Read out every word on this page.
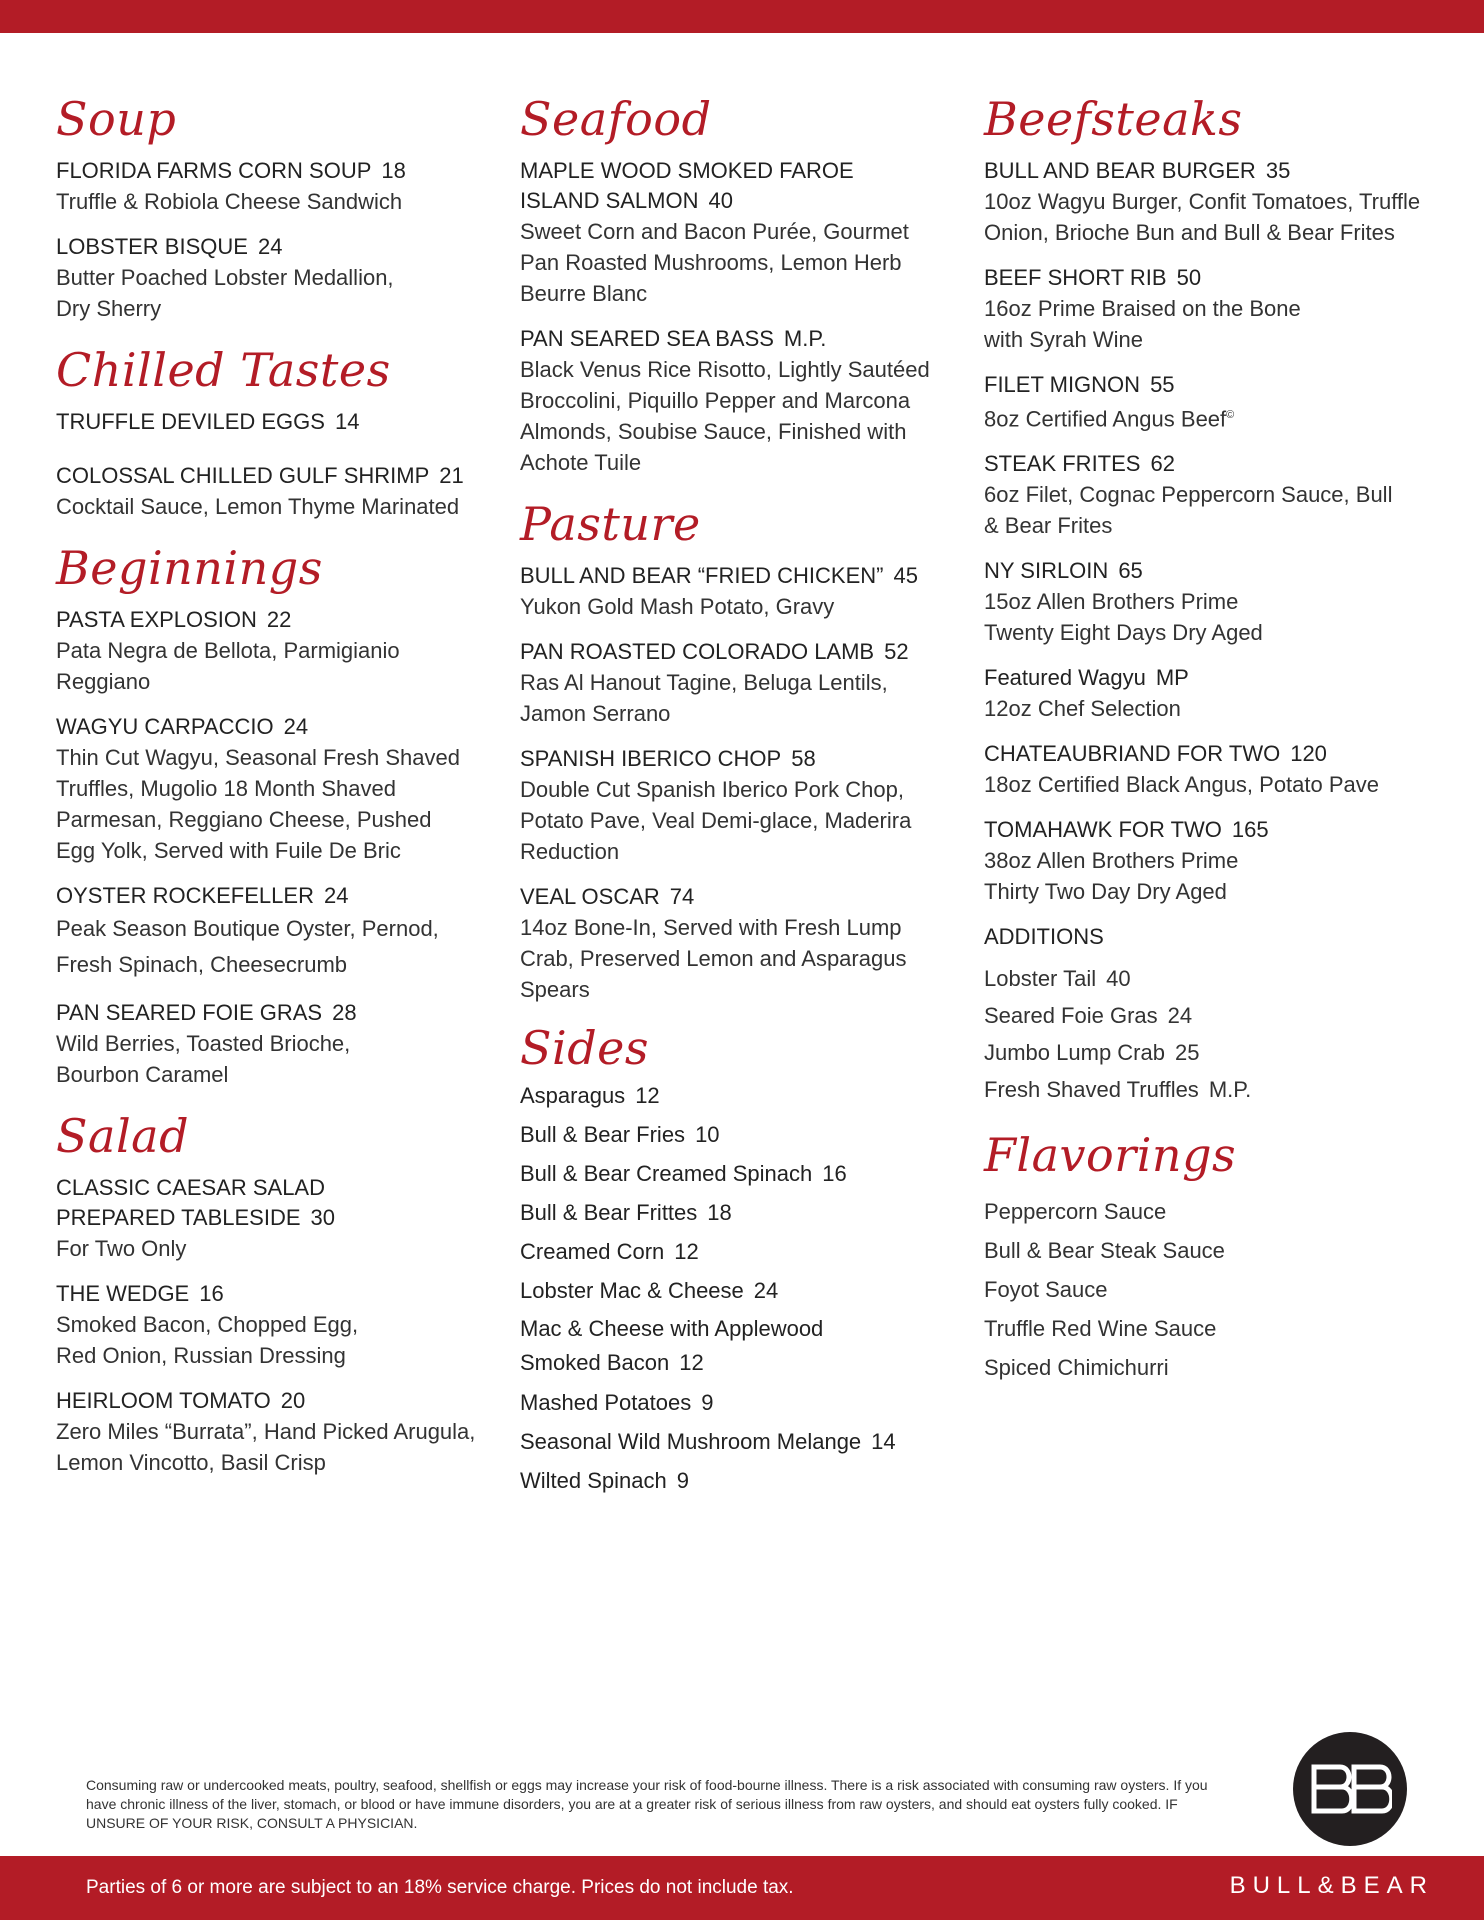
Soup
FLORIDA FARMS CORN SOUP 18
Truffle & Robiola Cheese Sandwich
LOBSTER BISQUE 24
Butter Poached Lobster Medallion, Dry Sherry
Chilled Tastes
TRUFFLE DEVILED EGGS 14
COLOSSAL CHILLED GULF SHRIMP 21
Cocktail Sauce, Lemon Thyme Marinated
Beginnings
PASTA EXPLOSION 22
Pata Negra de Bellota, Parmigianio Reggiano
WAGYU CARPACCIO 24
Thin Cut Wagyu, Seasonal Fresh Shaved Truffles, Mugolio 18 Month Shaved Parmesan, Reggiano Cheese, Pushed Egg Yolk, Served with Fuile De Bric
OYSTER ROCKEFELLER 24
Peak Season Boutique Oyster, Pernod, Fresh Spinach, Cheesecrumb
PAN SEARED FOIE GRAS 28
Wild Berries, Toasted Brioche, Bourbon Caramel
Salad
CLASSIC CAESAR SALAD PREPARED TABLESIDE 30
For Two Only
THE WEDGE 16
Smoked Bacon, Chopped Egg, Red Onion, Russian Dressing
HEIRLOOM TOMATO 20
Zero Miles “Burrata”, Hand Picked Arugula, Lemon Vincotto, Basil Crisp
Seafood
MAPLE WOOD SMOKED FAROE ISLAND SALMON 40
Sweet Corn and Bacon Purée, Gourmet Pan Roasted Mushrooms, Lemon Herb Beurre Blanc
PAN SEARED SEA BASS M.P.
Black Venus Rice Risotto, Lightly Sautéed Broccolini, Piquillo Pepper and Marcona Almonds, Soubise Sauce, Finished with Achote Tuile
Pasture
BULL AND BEAR “FRIED CHICKEN” 45
Yukon Gold Mash Potato, Gravy
PAN ROASTED COLORADO LAMB 52
Ras Al Hanout Tagine, Beluga Lentils, Jamon Serrano
SPANISH IBERICO CHOP 58
Double Cut Spanish Iberico Pork Chop, Potato Pave, Veal Demi-glace, Maderira Reduction
VEAL OSCAR 74
14oz Bone-In, Served with Fresh Lump Crab, Preserved Lemon and Asparagus Spears
Sides
Asparagus 12
Bull & Bear Fries 10
Bull & Bear Creamed Spinach 16
Bull & Bear Frittes 18
Creamed Corn 12
Lobster Mac & Cheese 24
Mac & Cheese with Applewood Smoked Bacon 12
Mashed Potatoes 9
Seasonal Wild Mushroom Melange 14
Wilted Spinach 9
Beefsteaks
BULL AND BEAR BURGER 35
10oz Wagyu Burger, Confit Tomatoes, Truffle Onion, Brioche Bun and Bull & Bear Frites
BEEF SHORT RIB 50
16oz Prime Braised on the Bone with Syrah Wine
FILET MIGNON 55
8oz Certified Angus Beef©
STEAK FRITES 62
6oz Filet, Cognac Peppercorn Sauce, Bull & Bear Frites
NY SIRLOIN 65
15oz Allen Brothers Prime Twenty Eight Days Dry Aged
Featured Wagyu MP
12oz Chef Selection
CHATEAUBRIAND FOR TWO 120
18oz Certified Black Angus, Potato Pave
TOMAHAWK FOR TWO 165
38oz Allen Brothers Prime Thirty Two Day Dry Aged
ADDITIONS
Lobster Tail 40
Seared Foie Gras 24
Jumbo Lump Crab 25
Fresh Shaved Truffles M.P.
Flavorings
Peppercorn Sauce
Bull & Bear Steak Sauce
Foyot Sauce
Truffle Red Wine Sauce
Spiced Chimichurri
Consuming raw or undercooked meats, poultry, seafood, shellfish or eggs may increase your risk of food-bourne illness. There is a risk associated with consuming raw oysters. If you have chronic illness of the liver, stomach, or blood or have immune disorders, you are at a greater risk of serious illness from raw oysters, and should eat oysters fully cooked. IF UNSURE OF YOUR RISK, CONSULT A PHYSICIAN.
Parties of 6 or more are subject to an 18% service charge. Prices do not include tax.	BULL&BEAR
